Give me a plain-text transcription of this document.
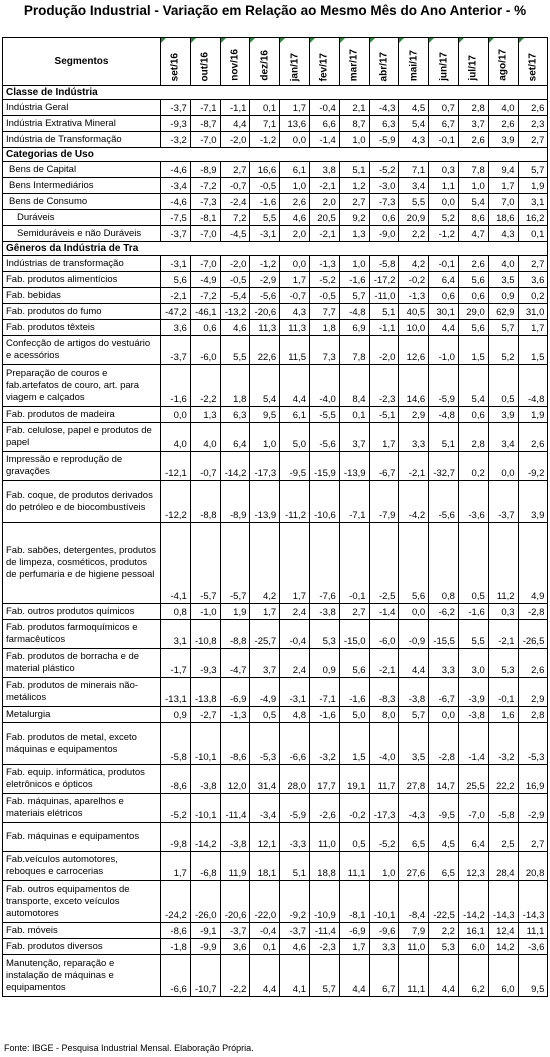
Produção Industrial - Variação em Relação ao Mesmo Mês do Ano Anterior - %
Segmentos	set/16	out/16	nov/16	dez/16	jan/17	fev/17	mar/17	abr/17	mai/17	jun/17	jul/17	ago/17	set/17

Classe de Indústria													
Indústria Geral	-3,7	-7,1	-1,1	0,1	1,7	-0,4	2,1	-4,3	4,5	0,7	2,8	4,0	2,6
Indústria Extrativa Mineral	-9,3	-8,7	4,4	7,1	13,6	6,6	8,7	6,3	5,4	6,7	3,7	2,6	2,3
Indústria de Transformação	-3,2	-7,0	-2,0	-1,2	0,0	-1,4	1,0	-5,9	4,3	-0,1	2,6	3,9	2,7
Categorias de Uso													
Bens de Capital	-4,6	-8,9	2,7	16,6	6,1	3,8	5,1	-5,2	7,1	0,3	7,8	9,4	5,7
Bens Intermediários	-3,4	-7,2	-0,7	-0,5	1,0	-2,1	1,2	-3,0	3,4	1,1	1,0	1,7	1,9
Bens de Consumo	-4,6	-7,3	-2,4	-1,6	2,6	2,0	2,7	-7,3	5,5	0,0	5,4	7,0	3,1
Duráveis	-7,5	-8,1	7,2	5,5	4,6	20,5	9,2	0,6	20,9	5,2	8,6	18,6	16,2
Semiduráveis e não Duráveis	-3,7	-7,0	-4,5	-3,1	2,0	-2,1	1,3	-9,0	2,2	-1,2	4,7	4,3	0,1
Gêneros da Indústria de Tra													
Indústrias de transformação	-3,1	-7,0	-2,0	-1,2	0,0	-1,3	1,0	-5,8	4,2	-0,1	2,6	4,0	2,7
Fab. produtos alimentícios	5,6	-4,9	-0,5	-2,9	1,7	-5,2	-1,6	-17,2	-0,2	6,4	5,6	3,5	3,6
Fab. bebidas	-2,1	-7,2	-5,4	-5,6	-0,7	-0,5	5,7	-11,0	-1,3	0,6	0,6	0,9	0,2
Fab. produtos do fumo	-47,2	-46,1	-13,2	-20,6	4,3	7,7	-4,8	5,1	40,5	30,1	29,0	62,9	31,0
Fab. produtos têxteis	3,6	0,6	4,6	11,3	11,3	1,8	6,9	-1,1	10,0	4,4	5,6	5,7	1,7
Confecção de artigos do vestuário e acessórios	-3,7	-6,0	5,5	22,6	11,5	7,3	7,8	-2,0	12,6	-1,0	1,5	5,2	1,5
Preparação de couros e fab.artefatos de couro, art. para viagem e calçados	-1,6	-2,2	1,8	5,4	4,4	-4,0	8,4	-2,3	14,6	-5,9	5,4	0,5	-4,8
Fab. produtos de madeira	0,0	1,3	6,3	9,5	6,1	-5,5	0,1	-5,1	2,9	-4,8	0,6	3,9	1,9
Fab. celulose, papel e produtos de papel	4,0	4,0	6,4	1,0	5,0	-5,6	3,7	1,7	3,3	5,1	2,8	3,4	2,6
Impressão e reprodução de gravações	-12,1	-0,7	-14,2	-17,3	-9,5	-15,9	-13,9	-6,7	-2,1	-32,7	0,2	0,0	-9,2
Fab. coque, de produtos derivados do petróleo e de biocombustíveis	-12,2	-8,8	-8,9	-13,9	-11,2	-10,6	-7,1	-7,9	-4,2	-5,6	-3,6	-3,7	3,9
Fab. sabões, detergentes, produtos de limpeza, cosméticos, produtos de perfumaria e de higiene pessoal	-4,1	-5,7	-5,7	4,2	1,7	-7,6	-0,1	-2,5	5,6	0,8	0,5	11,2	4,9
Fab. outros produtos químicos	0,8	-1,0	1,9	1,7	2,4	-3,8	2,7	-1,4	0,0	-6,2	-1,6	0,3	-2,8
Fab. produtos farmoquímicos e farmacêuticos	3,1	-10,8	-8,8	-25,7	-0,4	5,3	-15,0	-6,0	-0,9	-15,5	5,5	-2,1	-26,5
Fab. produtos de borracha e de material plástico	-1,7	-9,3	-4,7	3,7	2,4	0,9	5,6	-2,1	4,4	3,3	3,0	5,3	2,6
Fab. produtos de minerais não-metálicos	-13,1	-13,8	-6,9	-4,9	-3,1	-7,1	-1,6	-8,3	-3,8	-6,7	-3,9	-0,1	2,9
Metalurgia	0,9	-2,7	-1,3	0,5	4,8	-1,6	5,0	8,0	5,7	0,0	-3,8	1,6	2,8
Fab. produtos de metal, exceto máquinas e equipamentos	-5,8	-10,1	-8,6	-5,3	-6,6	-3,2	1,5	-4,0	3,5	-2,8	-1,4	-3,2	-5,3
Fab. equip. informática, produtos eletrônicos e ópticos	-8,6	-3,8	12,0	31,4	28,0	17,7	19,1	11,7	27,8	14,7	25,5	22,2	16,9
Fab. máquinas, aparelhos e materiais elétricos	-5,2	-10,1	-11,4	-3,4	-5,9	-2,6	-0,2	-17,3	-4,3	-9,5	-7,0	-5,8	-2,9
Fab. máquinas e equipamentos	-9,8	-14,2	-3,8	12,1	-3,3	11,0	0,5	-5,2	6,5	4,5	6,4	2,5	2,7
Fab.veículos automotores, reboques e carrocerias	1,7	-6,8	11,9	18,1	5,1	18,8	11,1	1,0	27,6	6,5	12,3	28,4	20,8
Fab. outros equipamentos de transporte, exceto veículos automotores	-24,2	-26,0	-20,6	-22,0	-9,2	-10,9	-8,1	-10,1	-8,4	-22,5	-14,2	-14,3	-14,3
Fab. móveis	-8,6	-9,1	-3,7	-0,4	-3,7	-11,4	-6,9	-9,6	7,9	2,2	16,1	12,4	11,1
Fab. produtos diversos	-1,8	-9,9	3,6	0,1	4,6	-2,3	1,7	3,3	11,0	5,3	6,0	14,2	-3,6
Manutenção, reparação e instalação de máquinas e equipamentos	-6,6	-10,7	-2,2	4,4	4,1	5,7	4,4	6,7	11,1	4,4	6,2	6,0	9,5
Fonte: IBGE - Pesquisa Industrial Mensal. Elaboração Própria.
